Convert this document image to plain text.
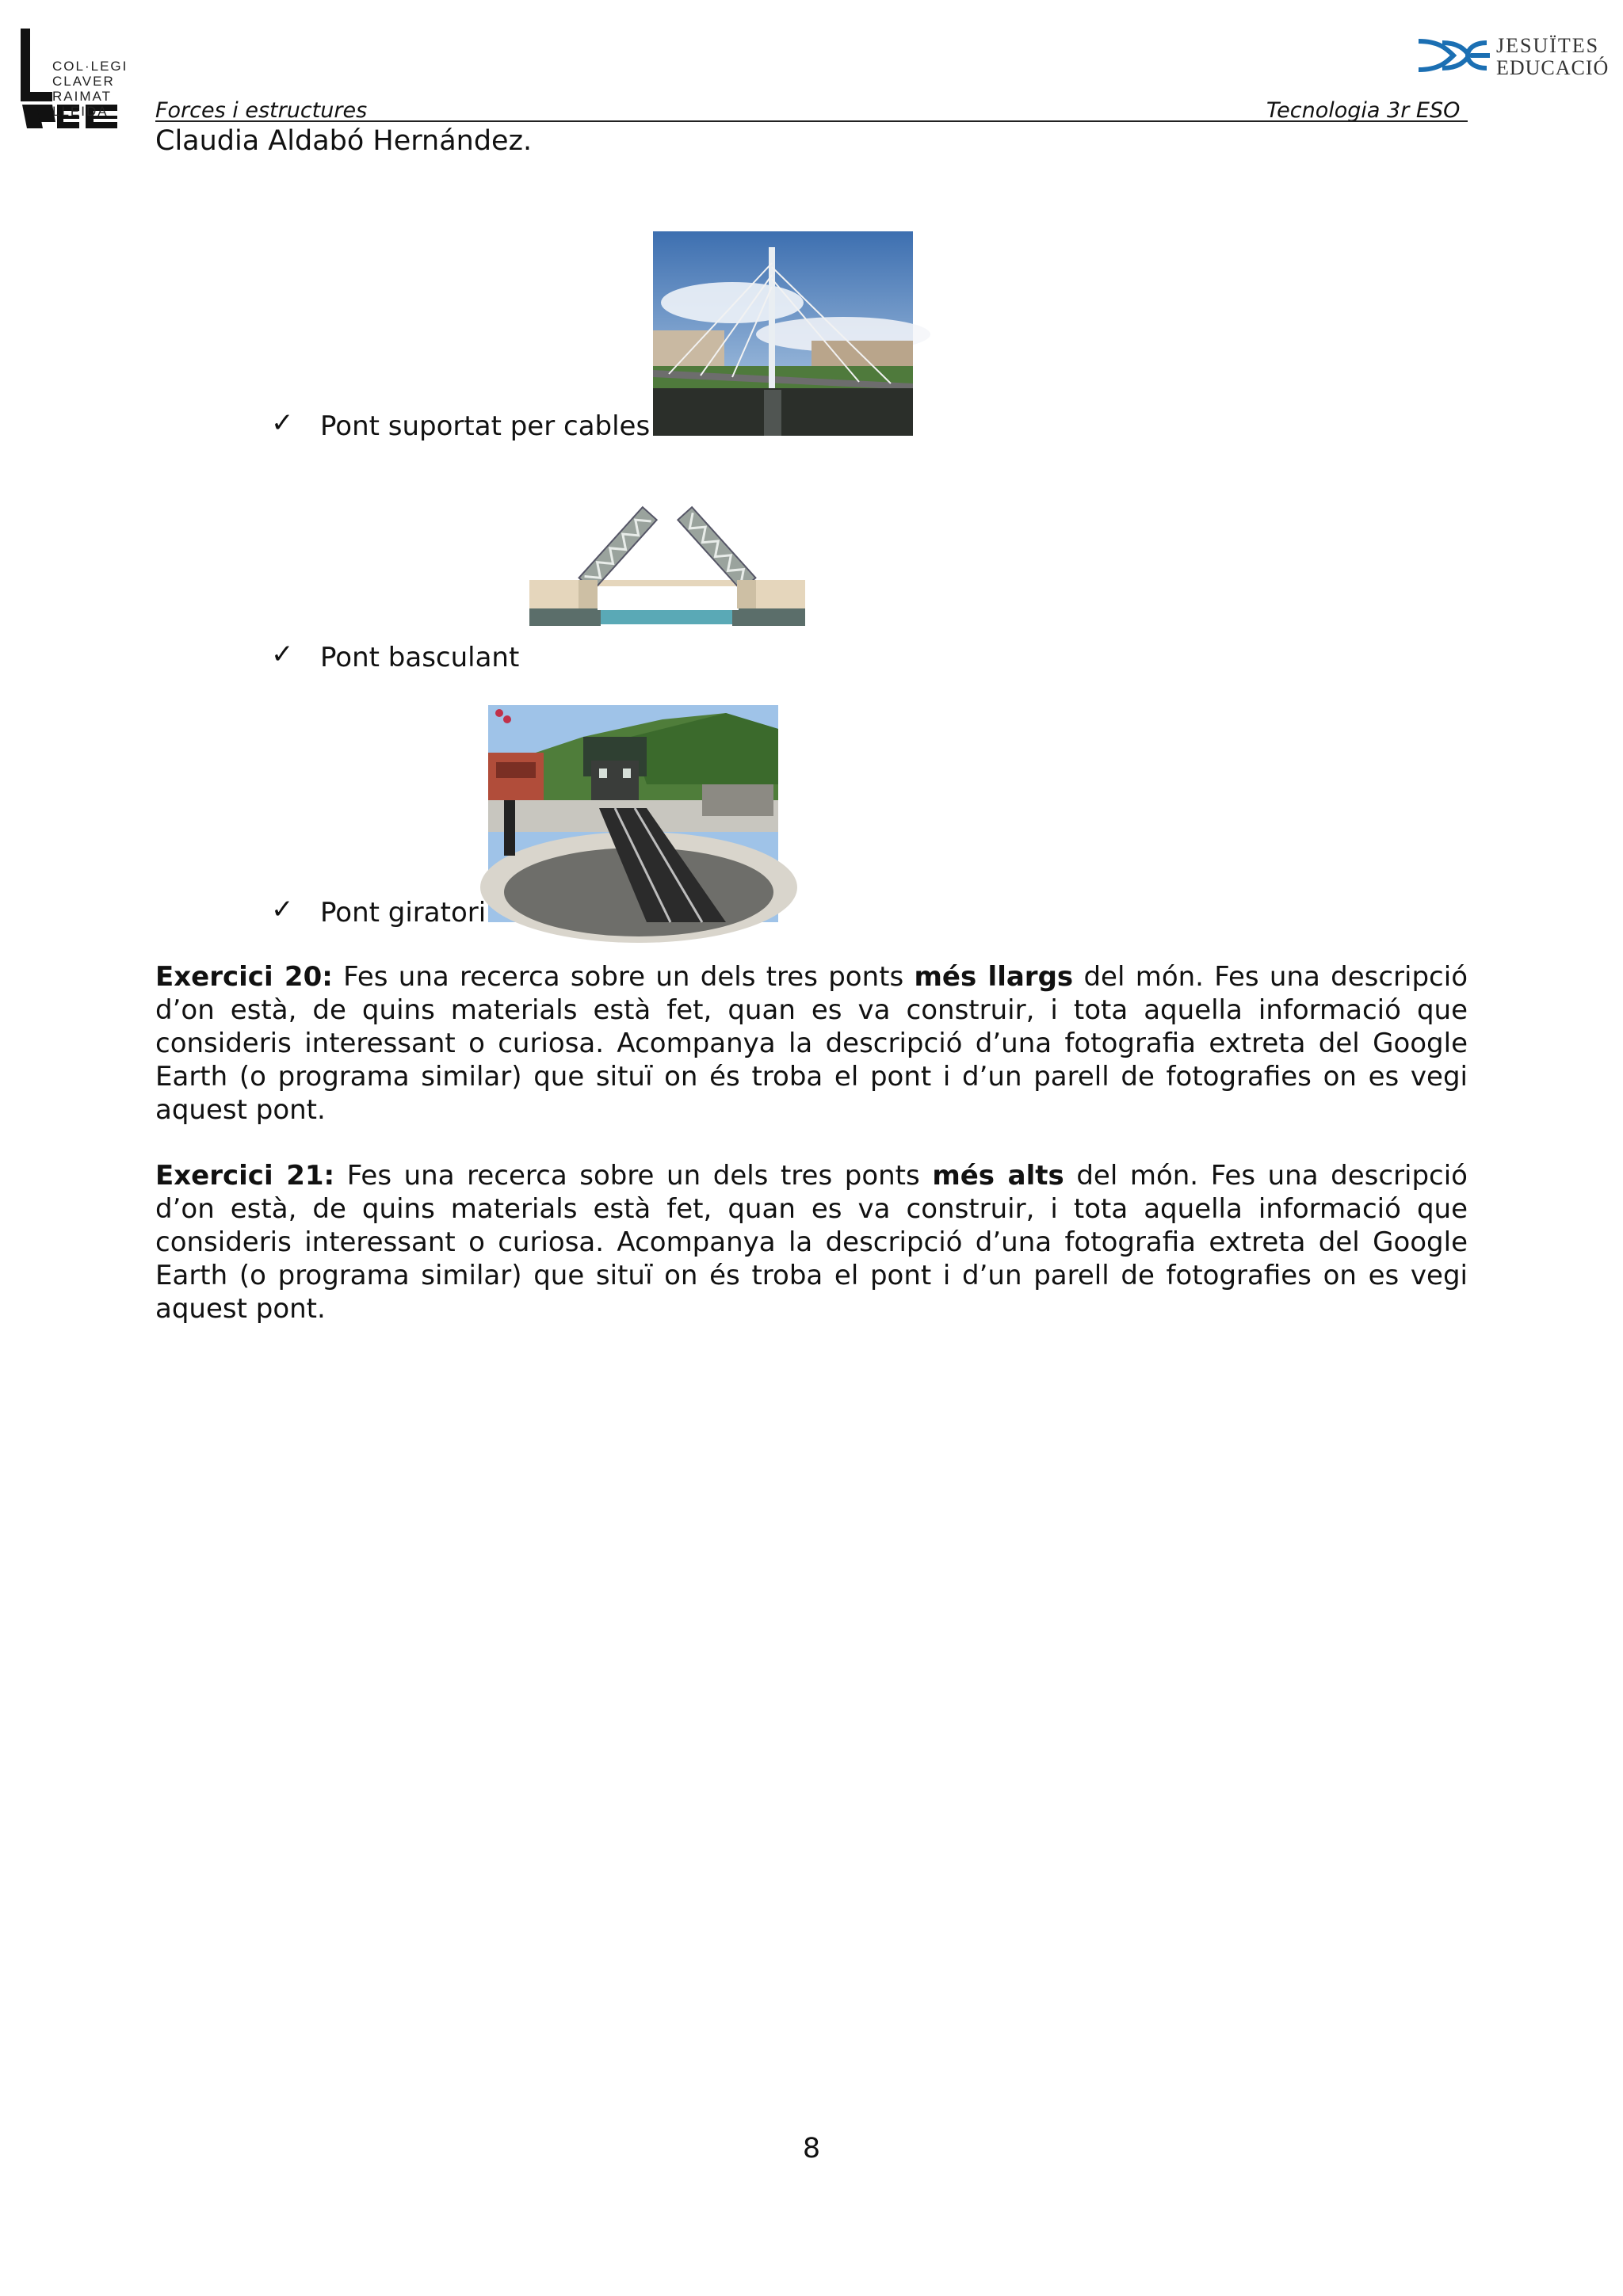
COL·LEGI
CLAVER
RAIMAT
LLEIDA
JESUÏTES
EDUCACIÓ
Forces i estructures	Tecnologia 3r ESO
Claudia Aldabó Hernández.
✓ Pont suportat per cables
✓ Pont basculant
✓ Pont giratori
Exercici 20: Fes una recerca sobre un dels tres ponts més llargs del món. Fes una descripció d’on està, de quins materials està fet, quan es va construir, i tota aquella informació que consideris interessant o curiosa. Acompanya la descripció d’una fotografia extreta del Google Earth (o programa similar) que situï on és troba el pont i d’un parell de fotografies on es vegi aquest pont.
Exercici 21: Fes una recerca sobre un dels tres ponts més alts del món. Fes una descripció d’on està, de quins materials està fet, quan es va construir, i tota aquella informació que consideris interessant o curiosa. Acompanya la descripció d’una fotografia extreta del Google Earth (o programa similar) que situï on és troba el pont i d’un parell de fotografies on es vegi aquest pont.
8
